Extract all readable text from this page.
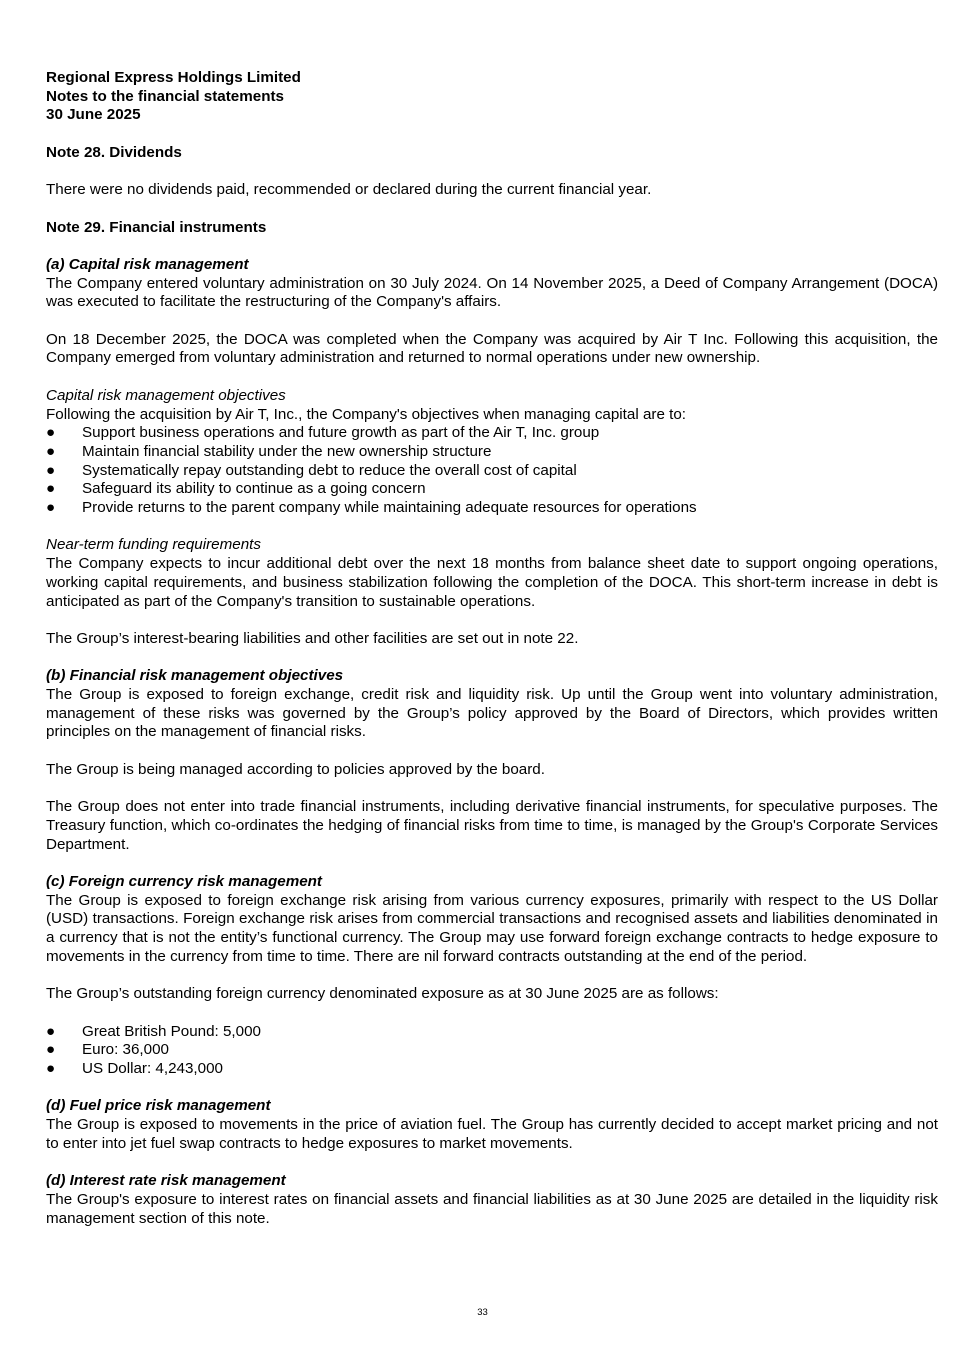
Regional Express Holdings Limited

Notes to the financial statements

30 June 2025

Note 28. Dividends

There were no dividends paid, recommended or declared during the current financial year.

Note 29. Financial instruments

(a) Capital risk management

The Company entered voluntary administration on 30 July 2024. On 14 November 2025, a Deed of Company Arrangement (DOCA) was executed to facilitate the restructuring of the Company's affairs.

On 18 December 2025, the DOCA was completed when the Company was acquired by Air T Inc. Following this acquisition, the Company emerged from voluntary administration and returned to normal operations under new ownership.

Capital risk management objectives

Following the acquisition by Air T, Inc., the Company's objectives when managing capital are to:

● Support business operations and future growth as part of the Air T, Inc. group
● Maintain financial stability under the new ownership structure
● Systematically repay outstanding debt to reduce the overall cost of capital
● Safeguard its ability to continue as a going concern
● Provide returns to the parent company while maintaining adequate resources for operations

Near-term funding requirements

The Company expects to incur additional debt over the next 18 months from balance sheet date to support ongoing operations, working capital requirements, and business stabilization following the completion of the DOCA. This short-term increase in debt is anticipated as part of the Company's transition to sustainable operations.

The Group’s interest-bearing liabilities and other facilities are set out in note 22.

(b) Financial risk management objectives

The Group is exposed to foreign exchange, credit risk and liquidity risk. Up until the Group went into voluntary administration, management of these risks was governed by the Group’s policy approved by the Board of Directors, which provides written principles on the management of financial risks.

The Group is being managed according to policies approved by the board.

The Group does not enter into trade financial instruments, including derivative financial instruments, for speculative purposes. The Treasury function, which co-ordinates the hedging of financial risks from time to time, is managed by the Group's Corporate Services Department.

(c) Foreign currency risk management

The Group is exposed to foreign exchange risk arising from various currency exposures, primarily with respect to the US Dollar (USD) transactions. Foreign exchange risk arises from commercial transactions and recognised assets and liabilities denominated in a currency that is not the entity’s functional currency. The Group may use forward foreign exchange contracts to hedge exposure to movements in the currency from time to time. There are nil forward contracts outstanding at the end of the period.

The Group’s outstanding foreign currency denominated exposure as at 30 June 2025 are as follows:

● Great British Pound: 5,000
● Euro: 36,000
● US Dollar: 4,243,000

(d) Fuel price risk management

The Group is exposed to movements in the price of aviation fuel. The Group has currently decided to accept market pricing and not to enter into jet fuel swap contracts to hedge exposures to market movements.

(d) Interest rate risk management

The Group's exposure to interest rates on financial assets and financial liabilities as at 30 June 2025 are detailed in the liquidity risk management section of this note.

33
